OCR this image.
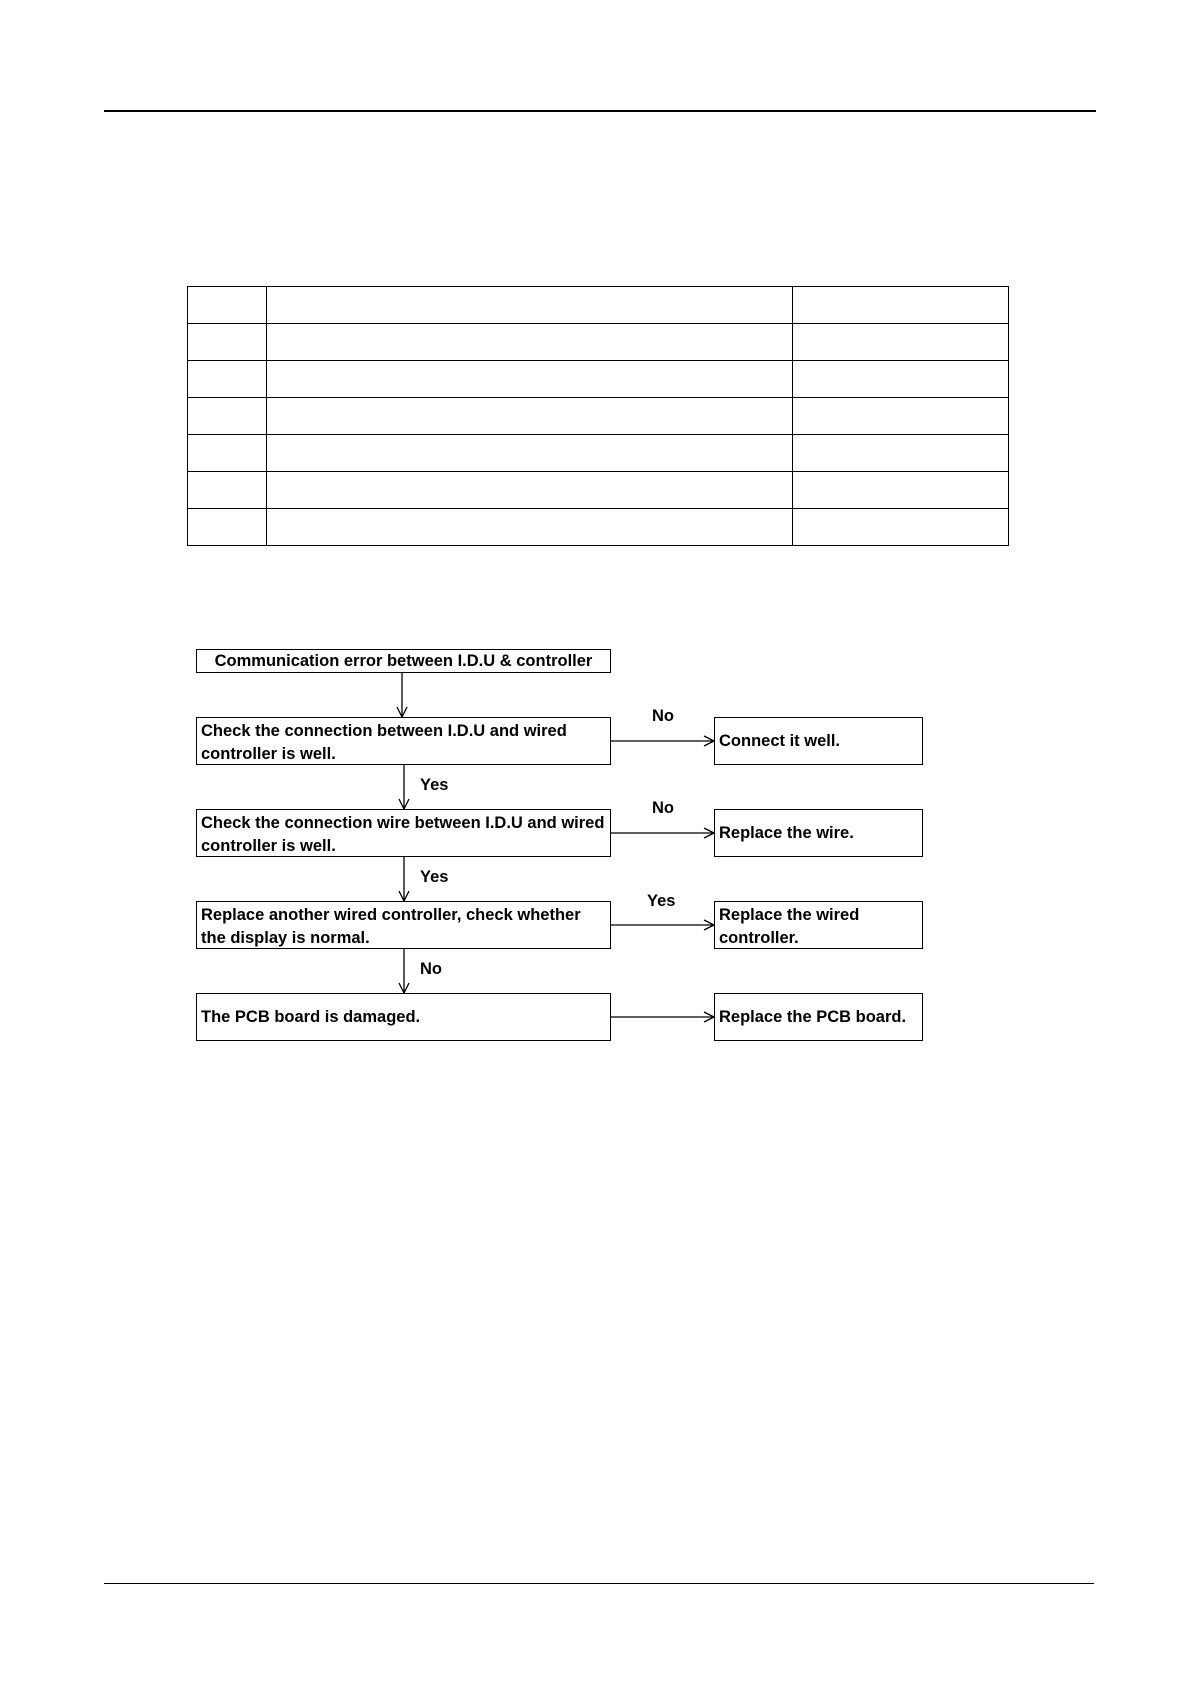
Communication error between I.D.U & controller
Check the connection between I.D.U and wired controller is well.
Connect it well.
Check the connection wire between I.D.U and wired controller is well.
Replace the wire.
Replace another wired controller, check whether the display is normal.
Replace the wired controller.
The PCB board is damaged.	Replace the PCB board.
No
Yes
No
Yes
Yes
No
